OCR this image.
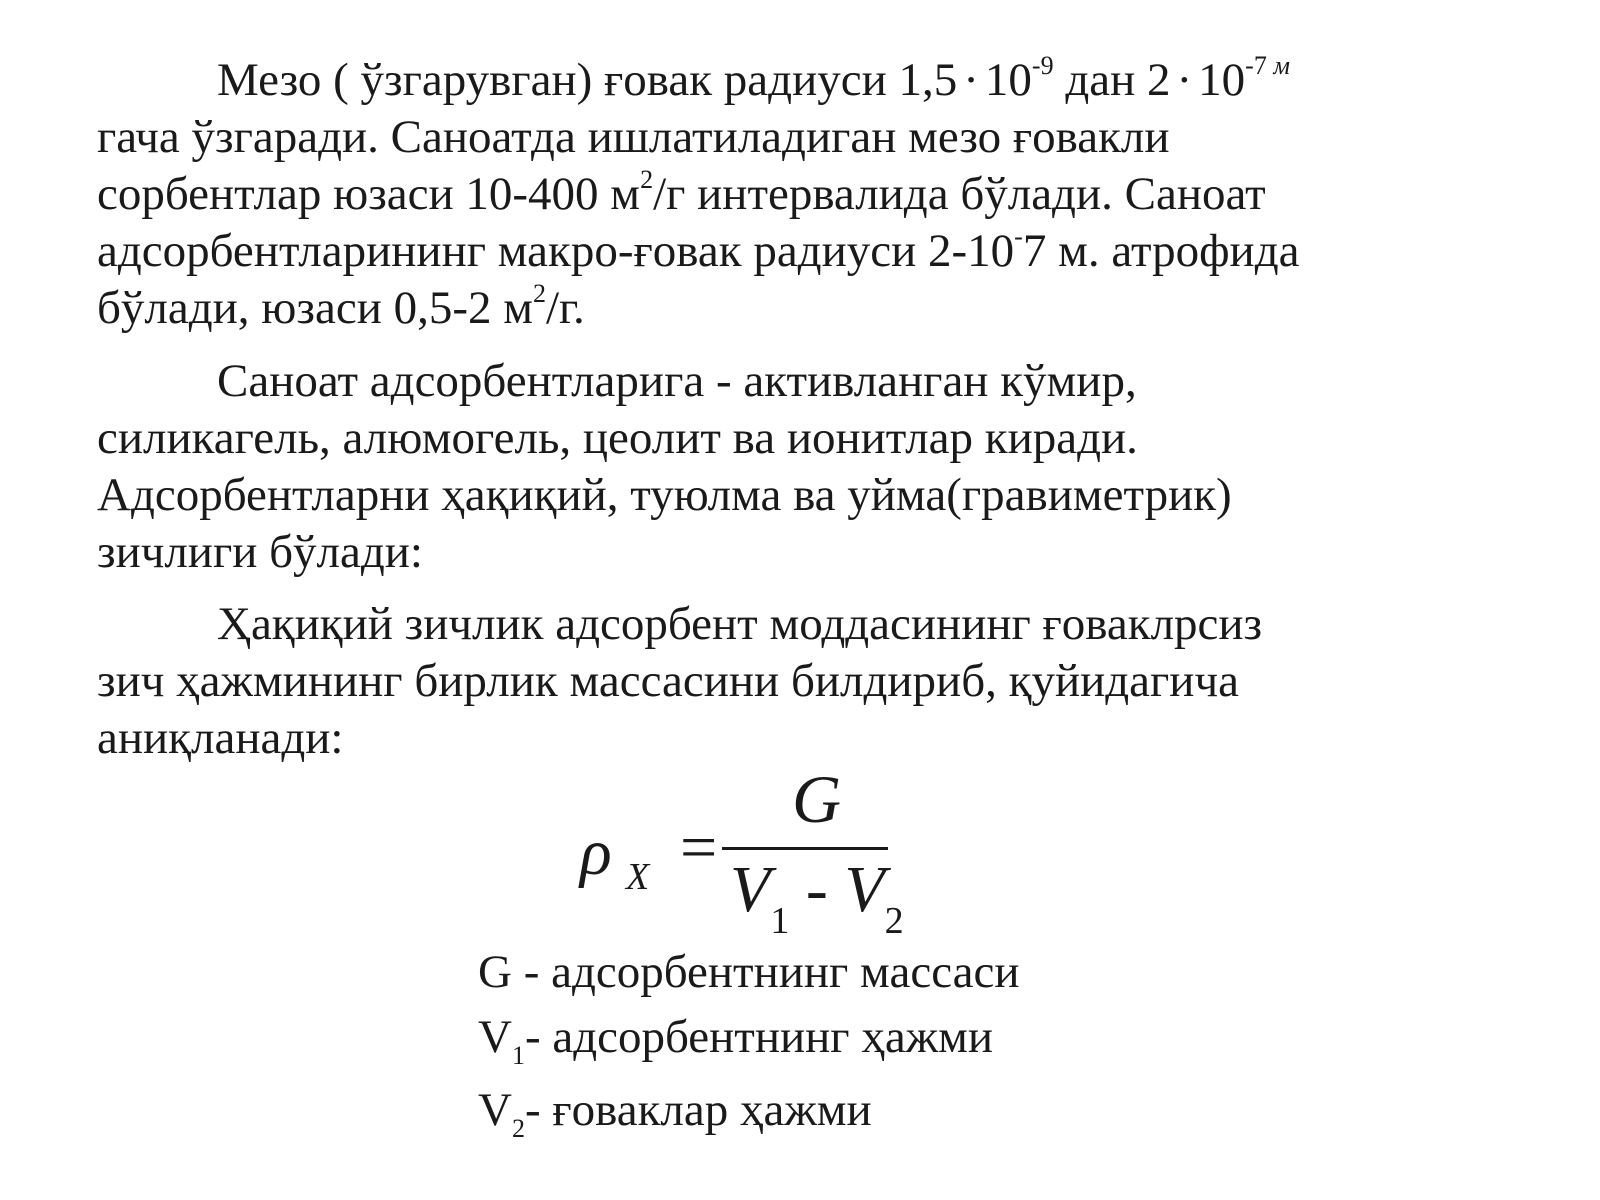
Мезо ( ўзгарувган) ғовак радиуси $1,5 \cdot 10^{-9}$ дан $2 \cdot 10^{-7}$ $^м$
гача ўзгаради. Саноатда ишлатиладиган мезо ғовакли
сорбентлар юзаси 10-400 $м^2/г$ интервалида бўлади. Саноат
адсорбентларининг макро-ғовак радиуси 2-10-7 м. атрофида
бўлади, юзаси 0,5-2 $м^2/г$.

Саноат адсорбентларига - активланган кўмир,
силикагель, алюмогель, цеолит ва ионитлар киради.
Адсорбентларни ҳақиқий, туюлма ва уйма(гравиметрик)
зичлиги бўлади:

Ҳақиқий зичлик адсорбент моддасининг ғоваклрсиз
зич ҳажмининг бирлик массасини билдириб, қуйидагича
аниқланади:

ρ X =
G
$V_1 - V_2$
G - адсорбентнинг массаси
$V_1-$ адсорбентнинг ҳажми
$V_2-$ ғоваклар ҳажми
